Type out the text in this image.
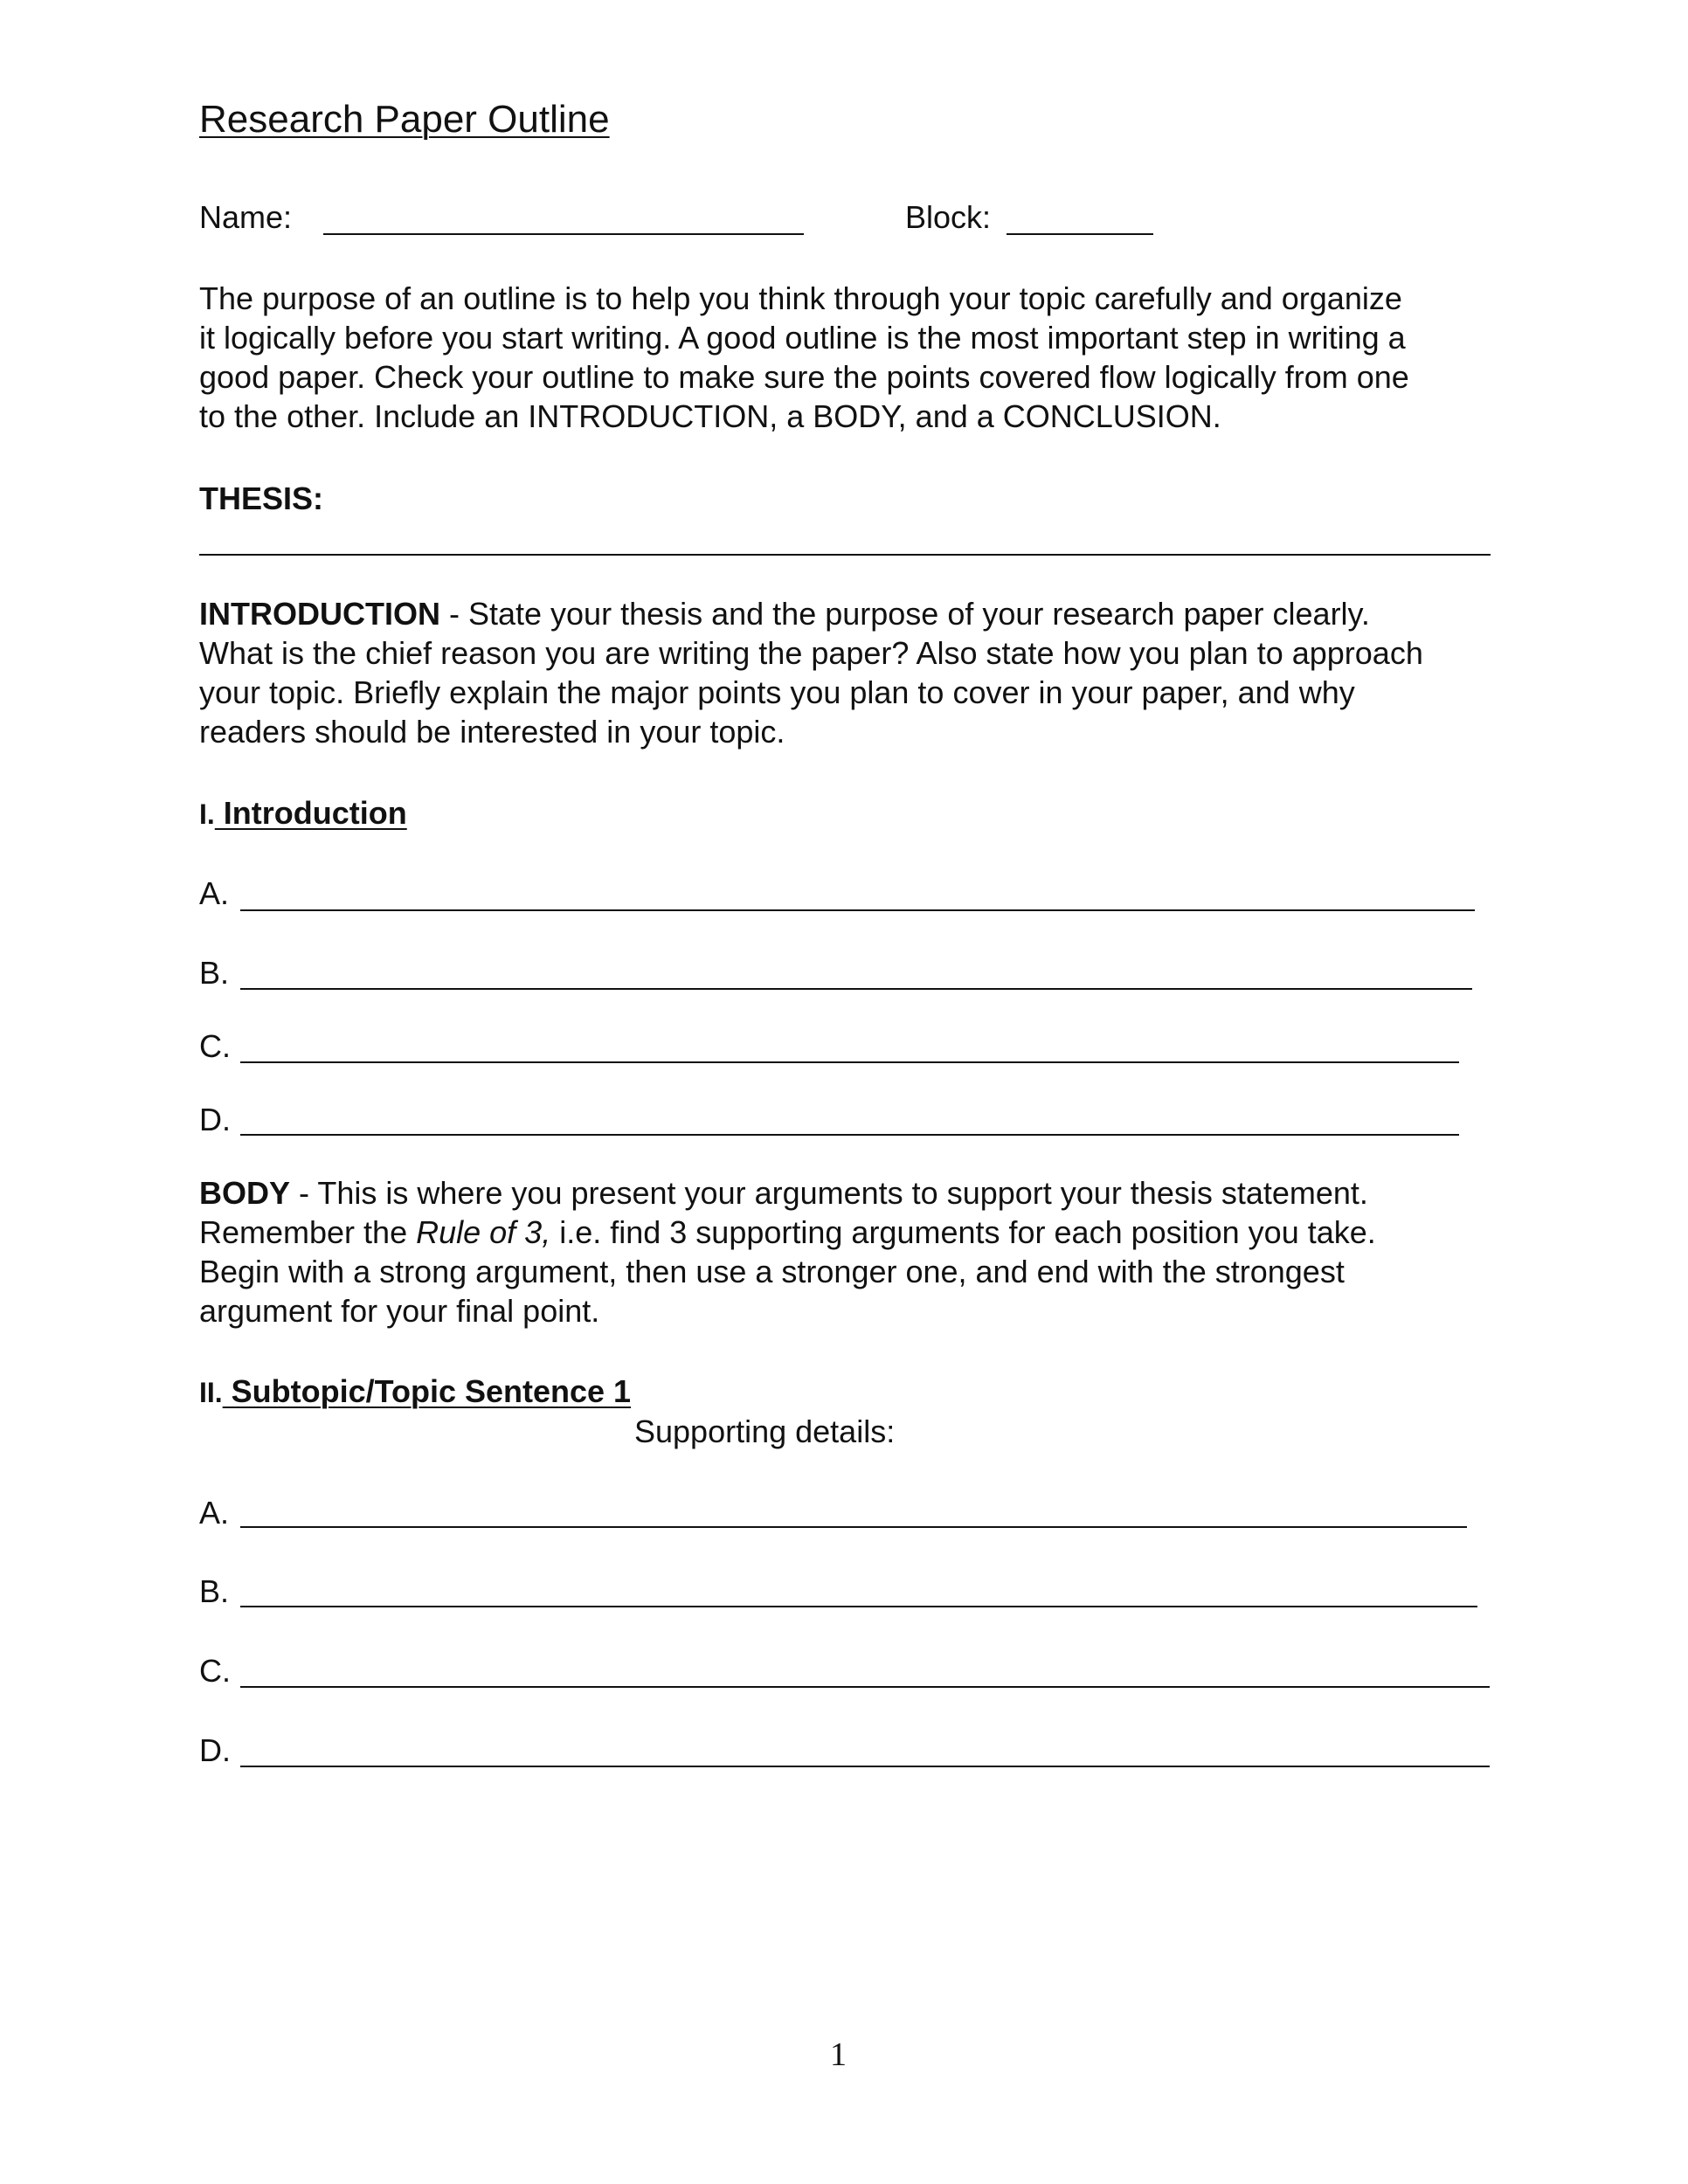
Research Paper Outline
Name:	Block:
The purpose of an outline is to help you think through your topic carefully and organize
it logically before you start writing. A good outline is the most important step in writing a
good paper. Check your outline to make sure the points covered flow logically from one
to the other. Include an INTRODUCTION, a BODY, and a CONCLUSION.
THESIS:
INTRODUCTION - State your thesis and the purpose of your research paper clearly.
What is the chief reason you are writing the paper? Also state how you plan to approach
your topic. Briefly explain the major points you plan to cover in your paper, and why
readers should be interested in your topic.
I. Introduction
A.
B.
C.
D.
BODY - This is where you present your arguments to support your thesis statement.
Remember the Rule of 3, i.e. find 3 supporting arguments for each position you take.
Begin with a strong argument, then use a stronger one, and end with the strongest
argument for your final point.
II. Subtopic/Topic Sentence 1
Supporting details:
A.
B.
C.
D.
1
